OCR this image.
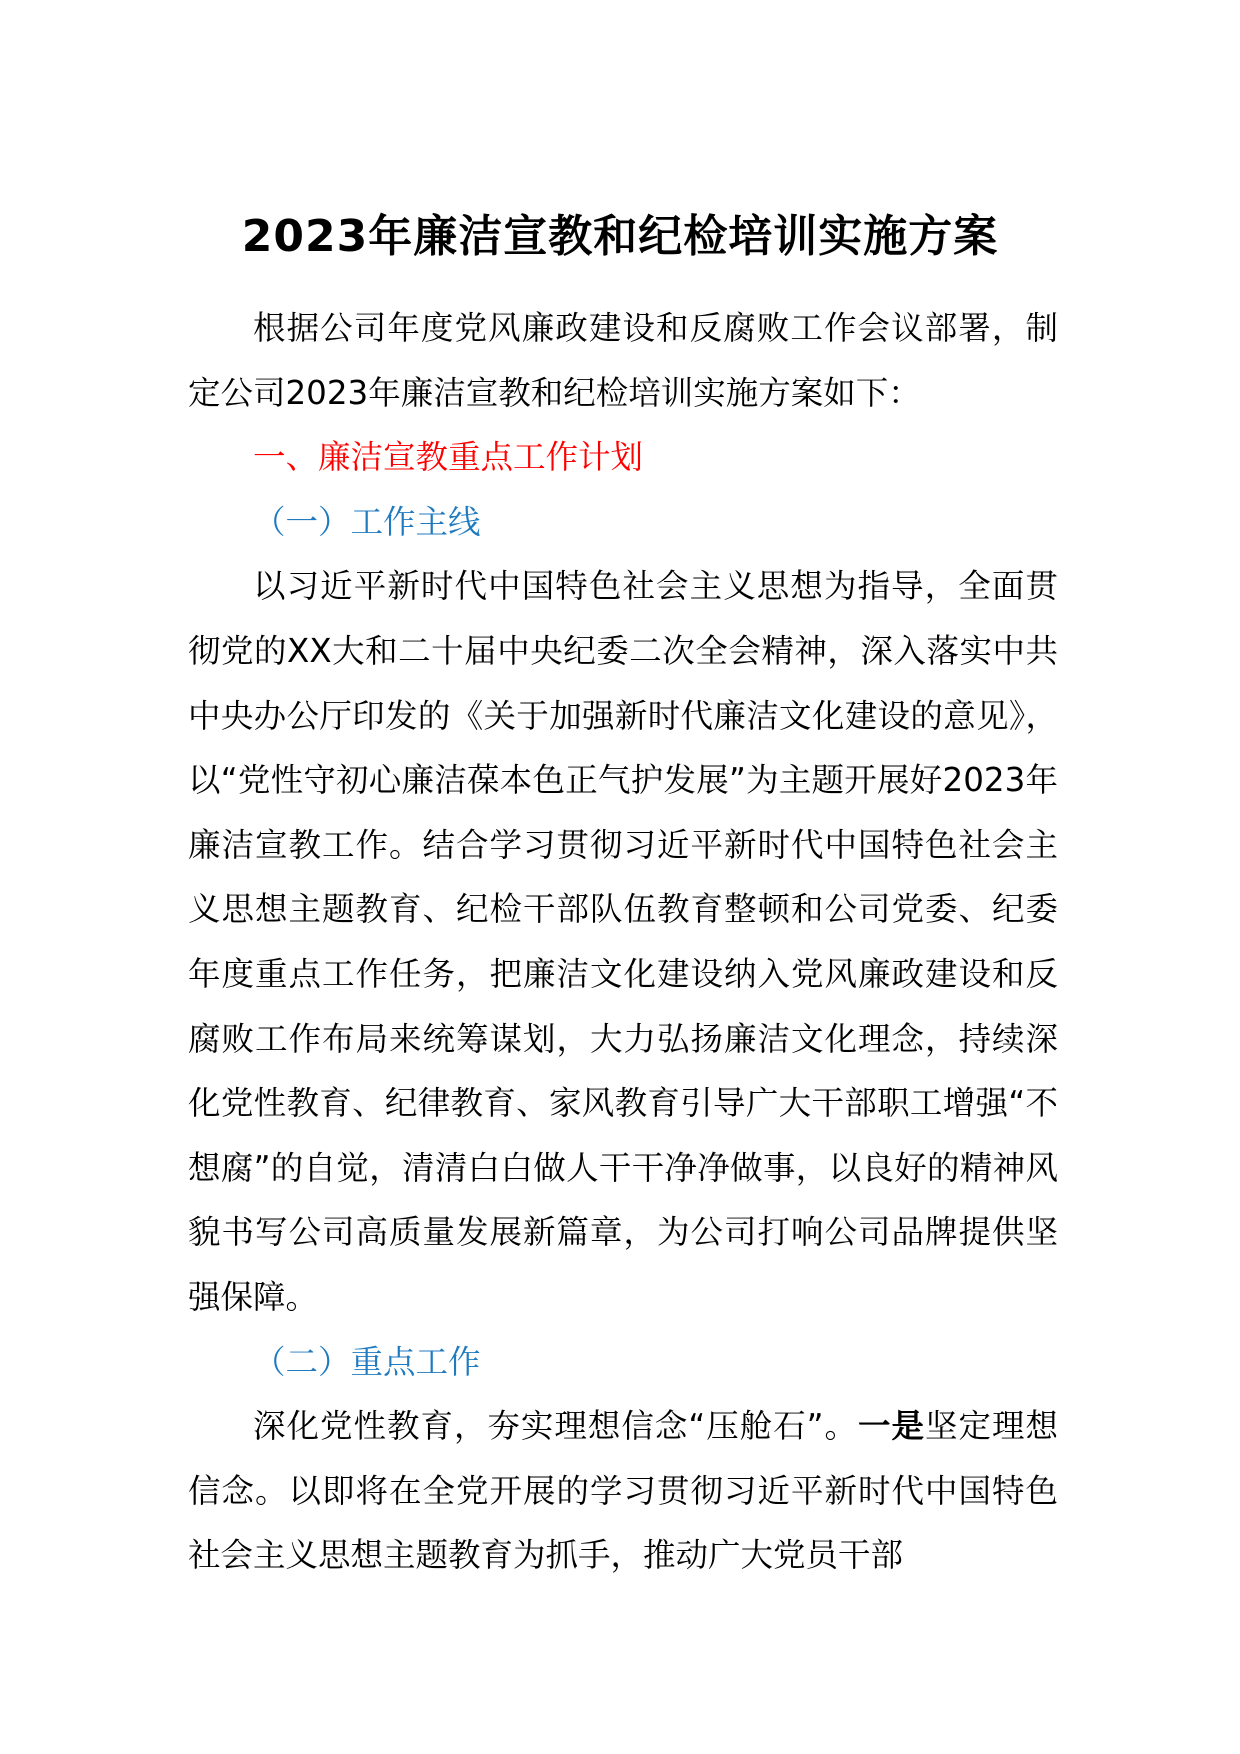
2023年廉洁宣教和纪检培训实施方案

根据公司年度党风廉政建设和反腐败工作会议部署，制定公司2023年廉洁宣教和纪检培训实施方案如下：

一、廉洁宣教重点工作计划

（一）工作主线

以习近平新时代中国特色社会主义思想为指导，全面贯彻党的XX大和二十届中央纪委二次全会精神，深入落实中共中央办公厅印发的《关于加强新时代廉洁文化建设的意见》，以“党性守初心廉洁葆本色正气护发展”为主题开展好2023年廉洁宣教工作。结合学习贯彻习近平新时代中国特色社会主义思想主题教育、纪检干部队伍教育整顿和公司党委、纪委年度重点工作任务，把廉洁文化建设纳入党风廉政建设和反腐败工作布局来统筹谋划，大力弘扬廉洁文化理念，持续深化党性教育、纪律教育、家风教育引导广大干部职工增强“不想腐”的自觉，清清白白做人干干净净做事，以良好的精神风貌书写公司高质量发展新篇章，为公司打响公司品牌提供坚强保障。

（二）重点工作

深化党性教育，夯实理想信念“压舱石”。一是坚定理想信念。以即将在全党开展的学习贯彻习近平新时代中国特色社会主义思想主题教育为抓手，推动广大党员干部
